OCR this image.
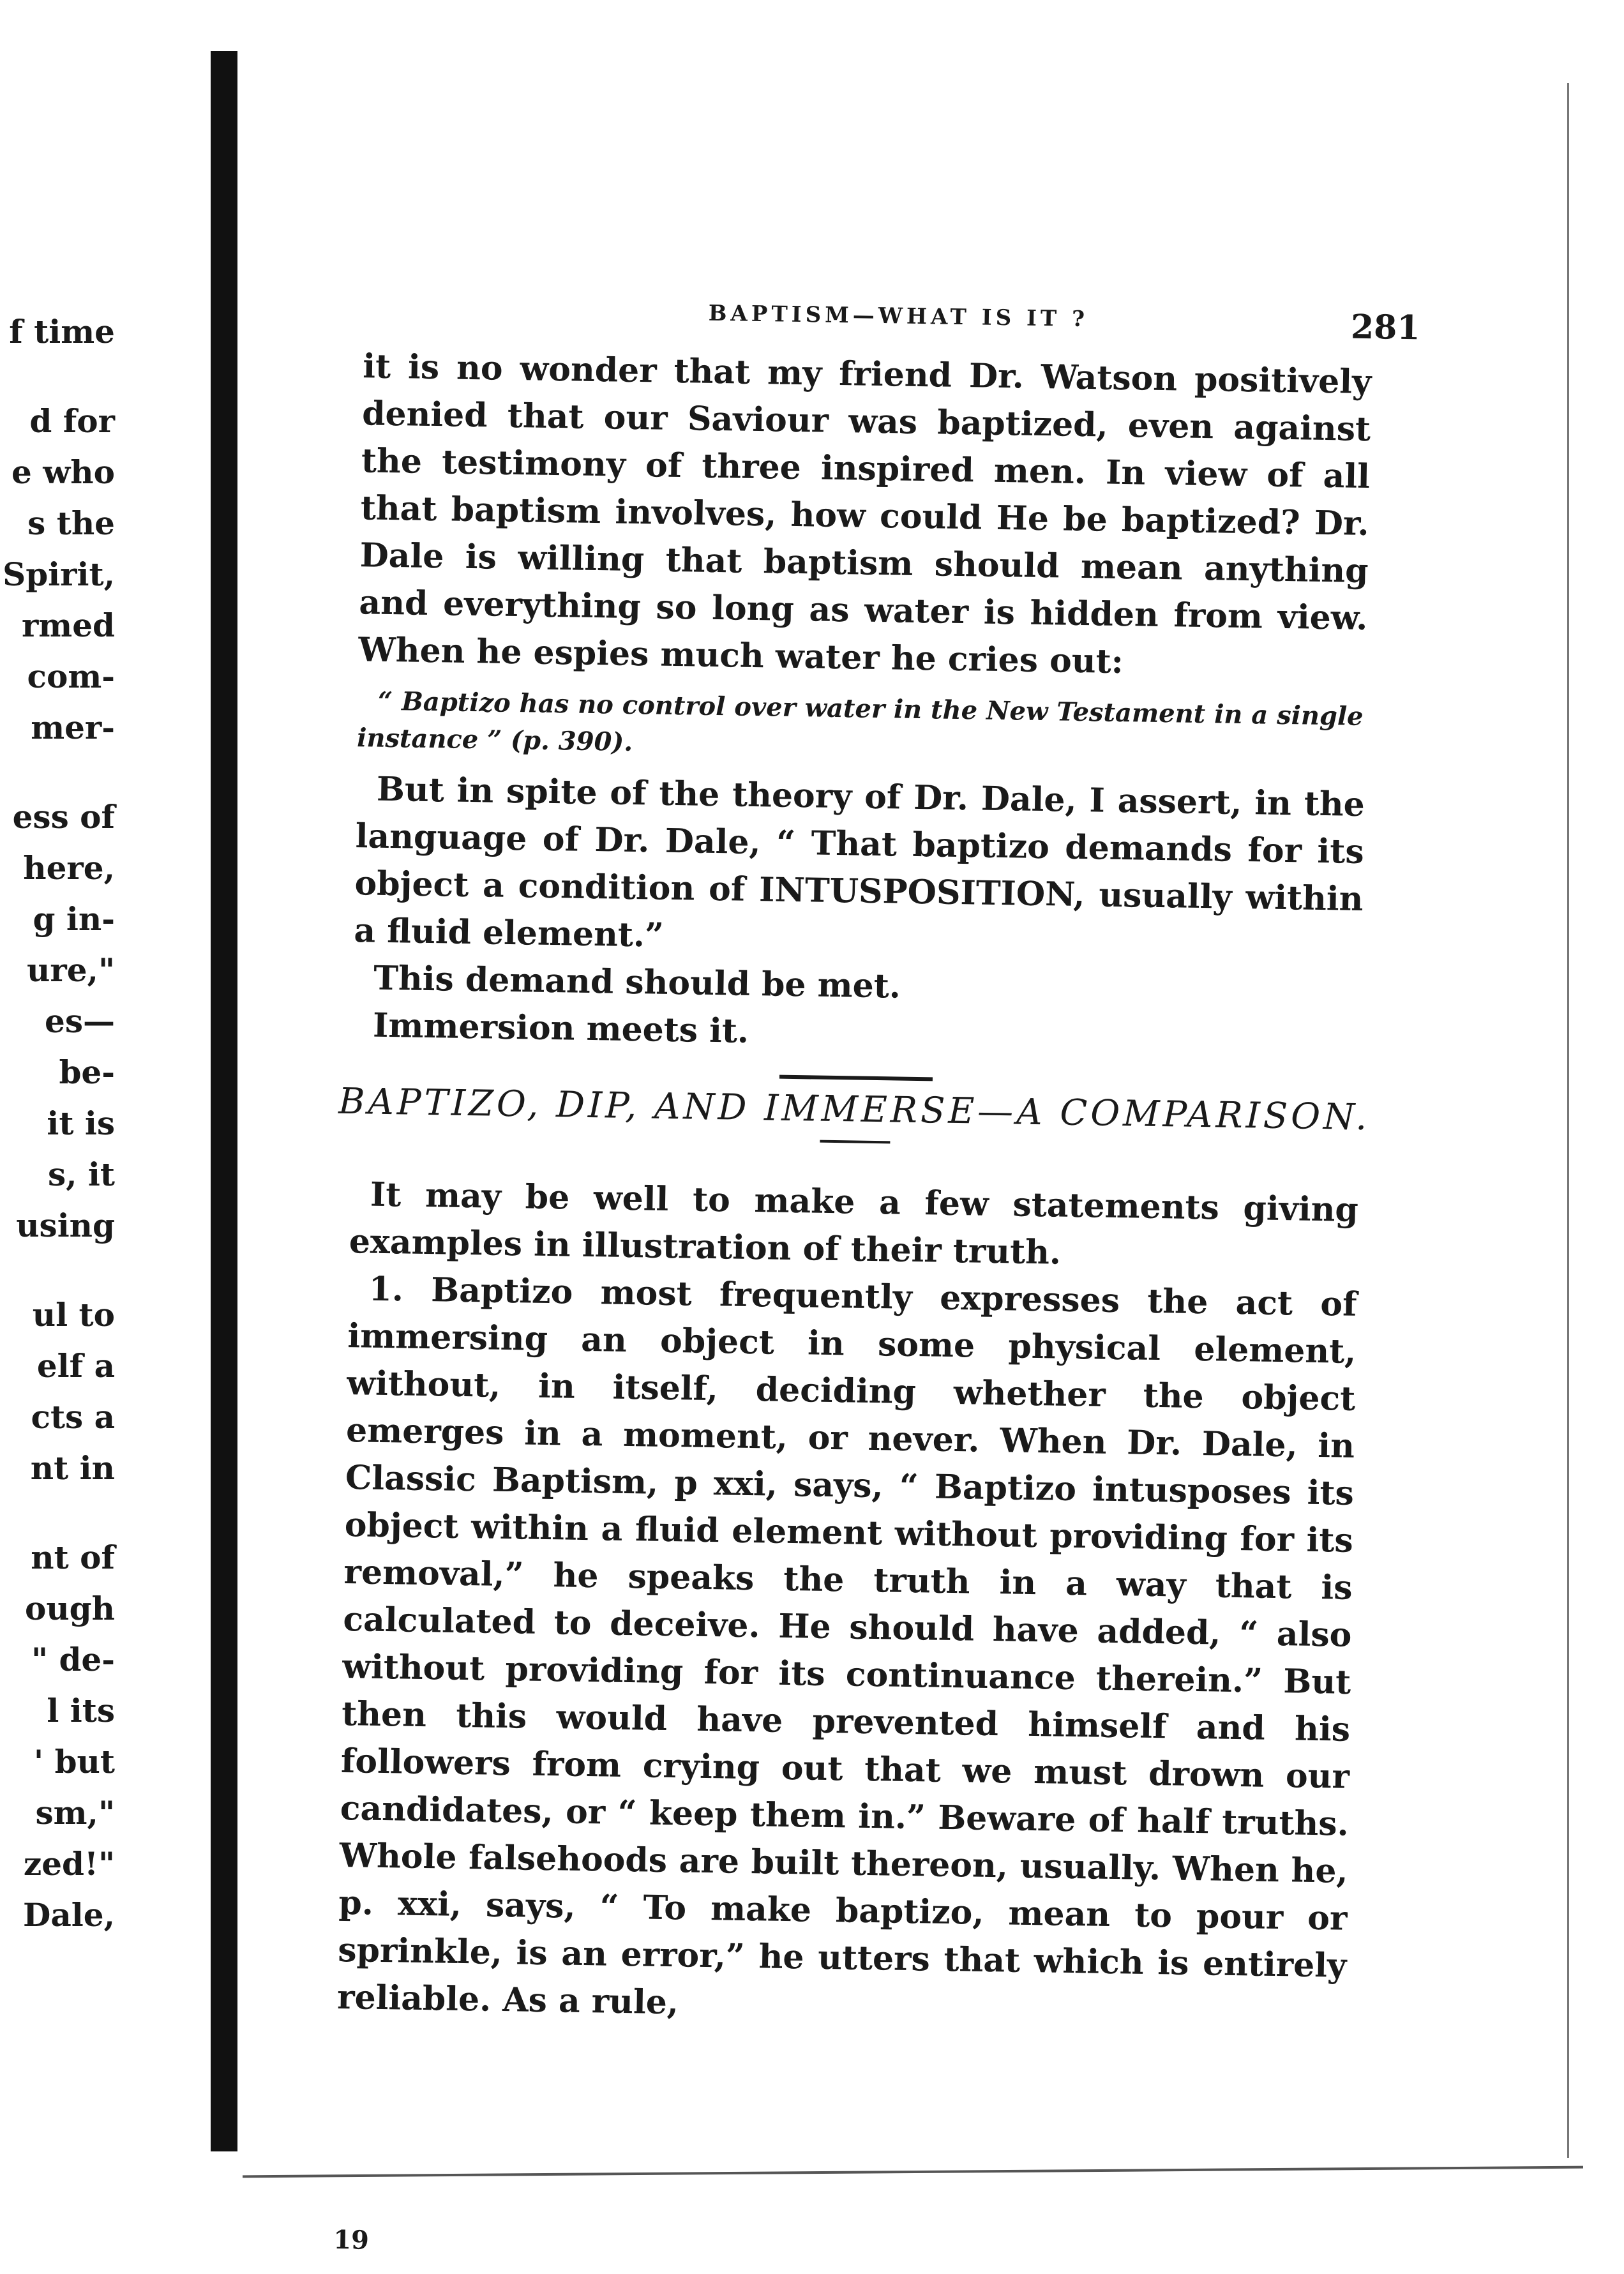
f time
d for
e who
s the
Spirit,
rmed
com-
mer-
ess of
here,
g in-
ure,"
es—
be-
it is
s, it
using
ul to
elf a
cts a
nt in
nt of
ough
" de-
l its
' but
sm,"
zed!"
Dale,
BAPTISM—WHAT IS IT ?	281

it is no wonder that my friend Dr. Watson positively denied that our Saviour was baptized, even against the testimony of three inspired men. In view of all that baptism involves, how could He be baptized? Dr. Dale is willing that baptism should mean anything and everything so long as water is hidden from view. When he espies much water he cries out:

“ Baptizo has no control over water in the New Testament in a single instance ” (p. 390).

But in spite of the theory of Dr. Dale, I assert, in the language of Dr. Dale, “ That baptizo demands for its object a condition of INTUSPOSITION, usually within a fluid element.”

This demand should be met.

Immersion meets it.

BAPTIZO, DIP, AND IMMERSE—A COMPARISON.

It may be well to make a few statements giving examples in illustration of their truth.

1. Baptizo most frequently expresses the act of immersing an object in some physical element, without, in itself, deciding whether the object emerges in a moment, or never. When Dr. Dale, in Classic Baptism, p xxi, says, “ Baptizo intusposes its object within a fluid element without providing for its removal,” he speaks the truth in a way that is calculated to deceive. He should have added, “ also without providing for its continuance therein.” But then this would have prevented himself and his followers from crying out that we must drown our candidates, or “ keep them in.” Beware of half truths. Whole falsehoods are built thereon, usually. When he, p. xxi, says, “ To make baptizo, mean to pour or sprinkle, is an error,” he utters that which is entirely reliable. As a rule,

19
